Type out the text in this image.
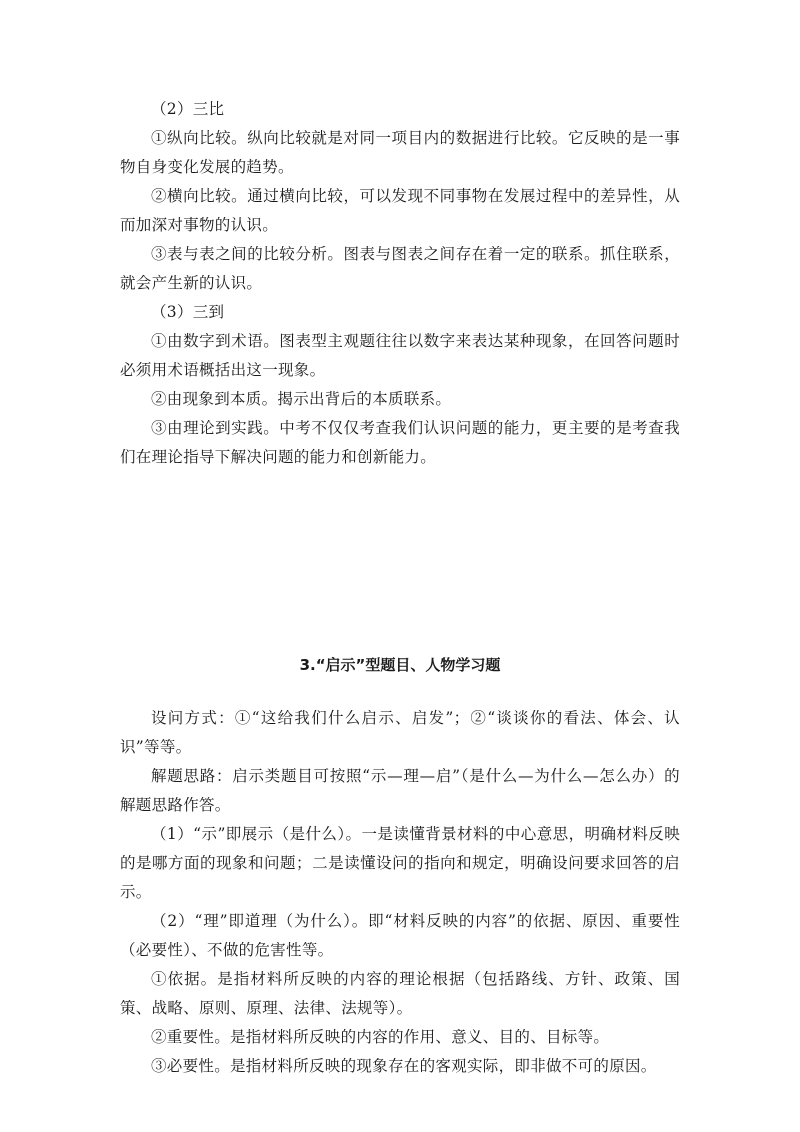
（2）三比

①纵向比较。纵向比较就是对同一项目内的数据进行比较。它反映的是一事物自身变化发展的趋势。

②横向比较。通过横向比较，可以发现不同事物在发展过程中的差异性，从而加深对事物的认识。

③表与表之间的比较分析。图表与图表之间存在着一定的联系。抓住联系，就会产生新的认识。

（3）三到

①由数字到术语。图表型主观题往往以数字来表达某种现象，在回答问题时必须用术语概括出这一现象。

②由现象到本质。揭示出背后的本质联系。

③由理论到实践。中考不仅仅考查我们认识问题的能力，更主要的是考查我们在理论指导下解决问题的能力和创新能力。

3.“启示”型题目、人物学习题

设问方式：①“这给我们什么启示、启发”；②“谈谈你的看法、体会、认识”等等。

解题思路：启示类题目可按照“示—理—启”（是什么—为什么—怎么办）的解题思路作答。

（1）“示”即展示（是什么）。一是读懂背景材料的中心意思，明确材料反映的是哪方面的现象和问题；二是读懂设问的指向和规定，明确设问要求回答的启示。

（2）“理”即道理（为什么）。即“材料反映的内容”的依据、原因、重要性（必要性）、不做的危害性等。

①依据。是指材料所反映的内容的理论根据（包括路线、方针、政策、国策、战略、原则、原理、法律、法规等）。

②重要性。是指材料所反映的内容的作用、意义、目的、目标等。

③必要性。是指材料所反映的现象存在的客观实际，即非做不可的原因。
